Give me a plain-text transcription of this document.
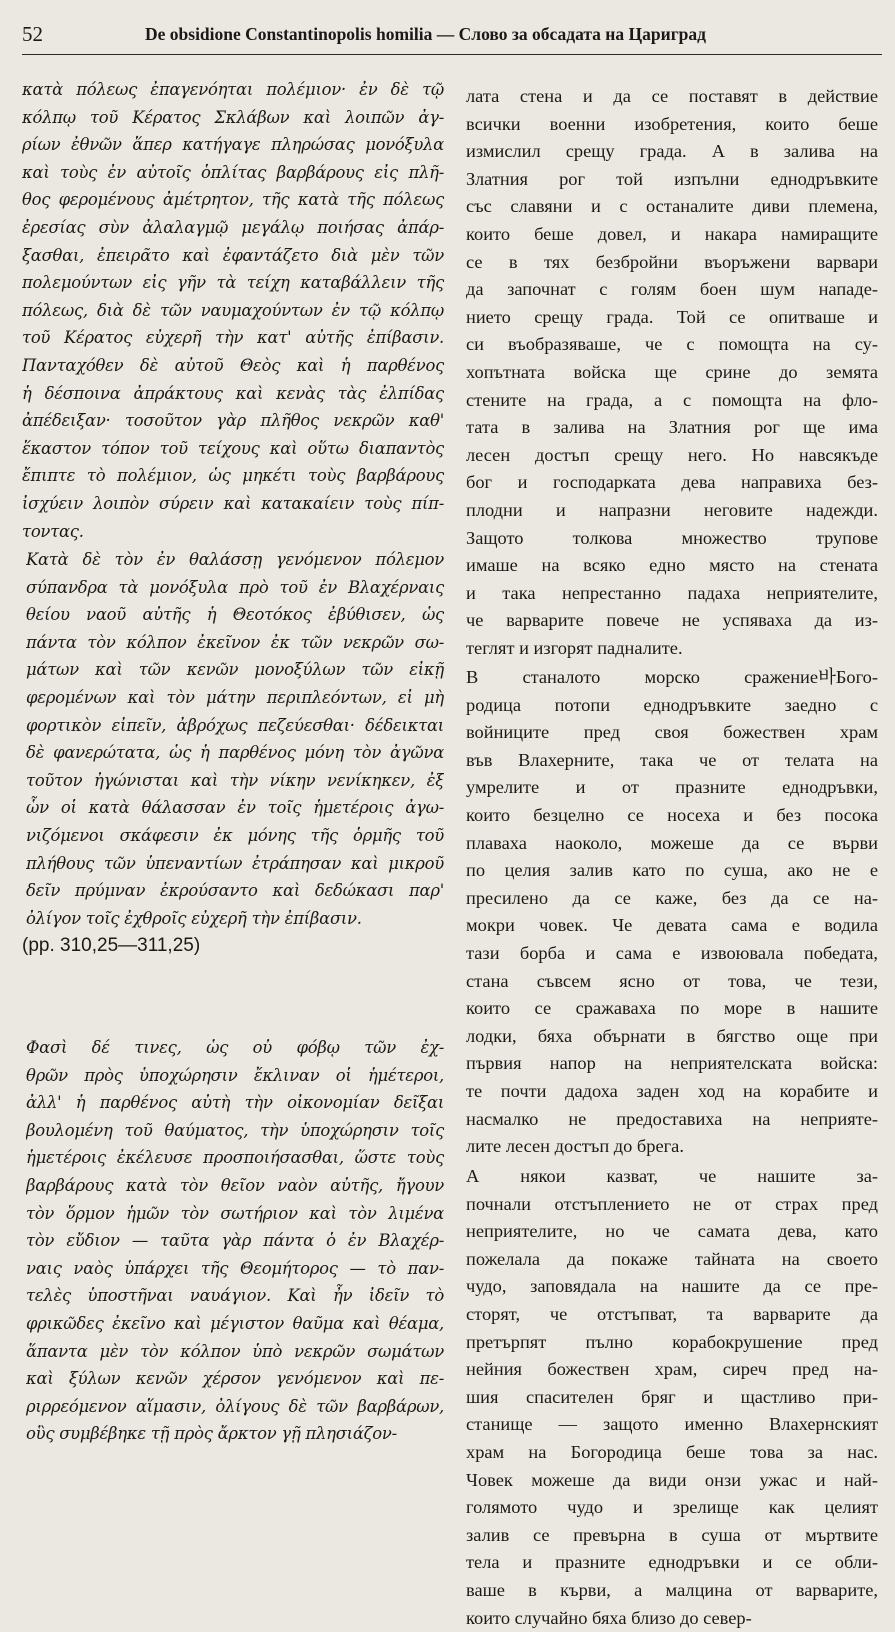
52	De obsidione Constantinopolis homilia — Слово за обсадата на Цариград
κατὰ πόλεως ἐπαγενόηται πολέμιον· ἐν δὲ τῷ
κόλπῳ τοῦ Κέρατος Σκλάβων καὶ λοιπῶν ἀγ-
ρίων ἐθνῶν ἅπερ κατήγαγε πληρώσας μονόξυλα
καὶ τοὺς ἐν αὐτοῖς ὁπλίτας βαρβάρους εἰς πλῆ-
θος φερομένους ἀμέτρητον, τῆς κατὰ τῆς πόλεως
ἐρεσίας σὺν ἀλαλαγμῷ μεγάλῳ ποιήσας ἀπάρ-
ξασθαι, ἐπειρᾶτο καὶ ἐφαντάζετο διὰ μὲν τῶν
πολεμούντων εἰς γῆν τὰ τείχη καταβάλλειν τῆς
πόλεως, διὰ δὲ τῶν ναυμαχούντων ἐν τῷ κόλπῳ
τοῦ Κέρατος εὐχερῆ τὴν κατ' αὐτῆς ἐπίβασιν.
Πανταχόθεν δὲ αὐτοῦ Θεὸς καὶ ἡ παρθένος
ἡ δέσποινα ἀπράκτους καὶ κενὰς τὰς ἐλπίδας
ἀπέδειξαν· τοσοῦτον γὰρ πλῆθος νεκρῶν καθ'
ἕκαστον τόπον τοῦ τείχους καὶ οὕτω διαπαντὸς
ἔπιπτε τὸ πολέμιον, ὡς μηκέτι τοὺς βαρβάρους
ἰσχύειν λοιπὸν σύρειν καὶ κατακαίειν τοὺς πίπ-
τοντας.
Κατὰ δὲ τὸν ἐν θαλάσσῃ γενόμενον πόλεμον
σύπανδρα τὰ μονόξυλα πρὸ τοῦ ἐν Βλαχέρναις
θείου ναοῦ αὐτῆς ἡ Θεοτόκος ἐβύθισεν, ὡς
πάντα τὸν κόλπον ἐκεῖνον ἐκ τῶν νεκρῶν σω-
μάτων καὶ τῶν κενῶν μονοξύλων τῶν εἰκῇ
φερομένων καὶ τὸν μάτην περιπλεόντων, εἰ μὴ
φορτικὸν εἰπεῖν, ἀβρόχως πεζεύεσθαι· δέδεικται
δὲ φανερώτατα, ὡς ἡ παρθένος μόνη τὸν ἀγῶνα
τοῦτον ἠγώνισται καὶ τὴν νίκην νενίκηκεν, ἐξ
ὧν οἱ κατὰ θάλασσαν ἐν τοῖς ἡμετέροις ἀγω-
νιζόμενοι σκάφεσιν ἐκ μόνης τῆς ὁρμῆς τοῦ
πλήθους τῶν ὑπεναντίων ἐτράπησαν καὶ μικροῦ
δεῖν πρύμναν ἐκρούσαντο καὶ δεδώκασι παρ'
ὀλίγον τοῖς ἐχθροῖς εὐχερῆ τὴν ἐπίβασιν.
(pp. 310,25—311,25)
Φασὶ δέ τινες, ὡς οὐ φόβῳ τῶν ἐχ-
θρῶν πρὸς ὑποχώρησιν ἔκλιναν οἱ ἡμέτεροι,
ἀλλ' ἡ παρθένος αὐτὴ τὴν οἰκονομίαν δεῖξαι
βουλομένη τοῦ θαύματος, τὴν ὑποχώρησιν τοῖς
ἡμετέροις ἐκέλευσε προσποιήσασθαι, ὥστε τοὺς
βαρβάρους κατὰ τὸν θεῖον ναὸν αὐτῆς, ἤγουν
τὸν ὅρμον ἡμῶν τὸν σωτήριον καὶ τὸν λιμένα
τὸν εὔδιον — ταῦτα γὰρ πάντα ὁ ἐν Βλαχέρ-
ναις ναὸς ὑπάρχει τῆς Θεομήτορος — τὸ παν-
τελὲς ὑποστῆναι ναυάγιον. Καὶ ἦν ἰδεῖν τὸ
φρικῶδες ἐκεῖνο καὶ μέγιστον θαῦμα καὶ θέαμα,
ἅπαντα μὲν τὸν κόλπον ὑπὸ νεκρῶν σωμάτων
καὶ ξύλων κενῶν χέρσον γενόμενον καὶ πε-
ριρρεόμενον αἵμασιν, ὀλίγους δὲ τῶν βαρβάρων,
οὓς συμβέβηκε τῇ πρὸς ἄρκτον γῇ πλησιάζον-
лата стена и да се поставят в действие
всички военни изобретения, които беше
измислил срещу града. А в залива на
Златния рог той изпълни еднодръвките
със славяни и с останалите диви племена,
които беше довел, и накара намиращите
се в тях безбройни въоръжени варвари
да започнат с голям боен шум нападе-
нието срещу града. Той се опитваше и
си въобразяваше, че с помощта на су-
хопътната войска ще срине до земята
стените на града, а с помощта на фло-
тата в залива на Златния рог ще има
лесен достъп срещу него. Но навсякъде
бог и господарката дева направиха без-
плодни и напразни неговите надежди.
Защото толкова множество трупове
имаше на всяко едно място на стената
и така непрестанно падаха неприятелите,
че варварите повече не успяваха да из-
теглят и изгорят падналите.
В станалото морско сражение바Бого-
родица потопи еднодръвките заедно с
войниците пред своя божествен храм
във Влахерните, така че от телата на
умрелите и от празните еднодръвки,
които безцелно се носеха и без посока
плаваха наоколо, можеше да се върви
по целия залив като по суша, ако не е
пресилено да се каже, без да се на-
мокри човек. Че девата сама е водила
тази борба и сама е извоювала победата,
стана съвсем ясно от това, че тези,
които се сражаваха по море в нашите
лодки, бяха обърнати в бягство още при
първия напор на неприятелската войска:
те почти дадоха заден ход на корабите и
насмалко не предоставиха на неприяте-
лите лесен достъп до брега.
А някои казват, че нашите за-
почнали отстъплението не от страх пред
неприятелите, но че самата дева, като
пожелала да покаже тайната на своето
чудо, заповядала на нашите да се пре-
сторят, че отстъпват, та варварите да
претърпят пълно корабокрушение пред
нейния божествен храм, сиреч пред на-
шия спасителен бряг и щастливо при-
станище — защото именно Влахернският
храм на Богородица беше това за нас.
Човек можеше да види онзи ужас и най-
голямото чудо и зрелище как целият
залив се превърна в суша от мъртвите
тела и празните еднодръвки и се обли-
ваше в кърви, а малцина от варварите,
които случайно бяха близо до север-
